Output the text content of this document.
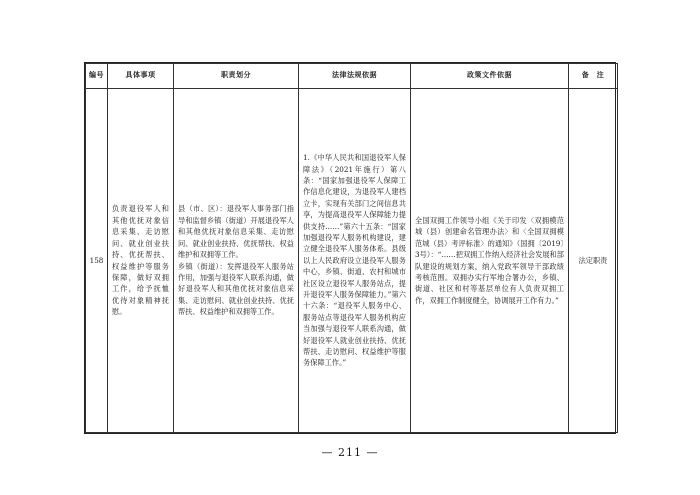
编号	具体事项	职责划分	法律法规依据	政策文件依据	备　注
158	负责退役军人和其他优抚对象信息采集、走访慰问、就业创业扶持、优抚帮扶、权益维护等服务保障，做好双拥工作，给予抚恤优待对象精神抚慰。	县（市、区）：退役军人事务部门指导和监督乡镇（街道）开展退役军人和其他优抚对象信息采集、走访慰问、就业创业扶持、优抚帮扶、权益维护和双拥等工作。
乡镇（街道）：发挥退役军人服务站作用，加强与退役军人联系沟通，做好退役军人和其他优抚对象信息采集、走访慰问、就业创业扶持、优抚帮扶、权益维护和双拥等工作。	1.《中华人民共和国退役军人保障法》（2021年施行）第八条：“国家加强退役军人保障工作信息化建设，为退役军人建档立卡，实现有关部门之间信息共享，为提高退役军人保障能力提供支持……”第六十五条：“国家加强退役军人服务机构建设，建立健全退役军人服务体系。县级以上人民政府设立退役军人服务中心，乡镇、街道、农村和城市社区设立退役军人服务站点，提升退役军人服务保障能力。”第六十六条：“退役军人服务中心、服务站点等退役军人服务机构应当加强与退役军人联系沟通，做好退役军人就业创业扶持、优抚帮扶、走访慰问、权益维护等服务保障工作。”	全国双拥工作领导小组《关于印发〈双拥模范城（县）创建命名管理办法〉和〈全国双拥模范城（县）考评标准〉的通知》（国拥〔2019〕3号）：“……把双拥工作纳入经济社会发展和部队建设的规划方案，纳入党政军领导干部政绩考核范围。双拥办实行军地合署办公，乡镇、街道、社区和村等基层单位有人负责双拥工作，双拥工作制度健全，协调展开工作有力。”	法定职责
— 211 —
